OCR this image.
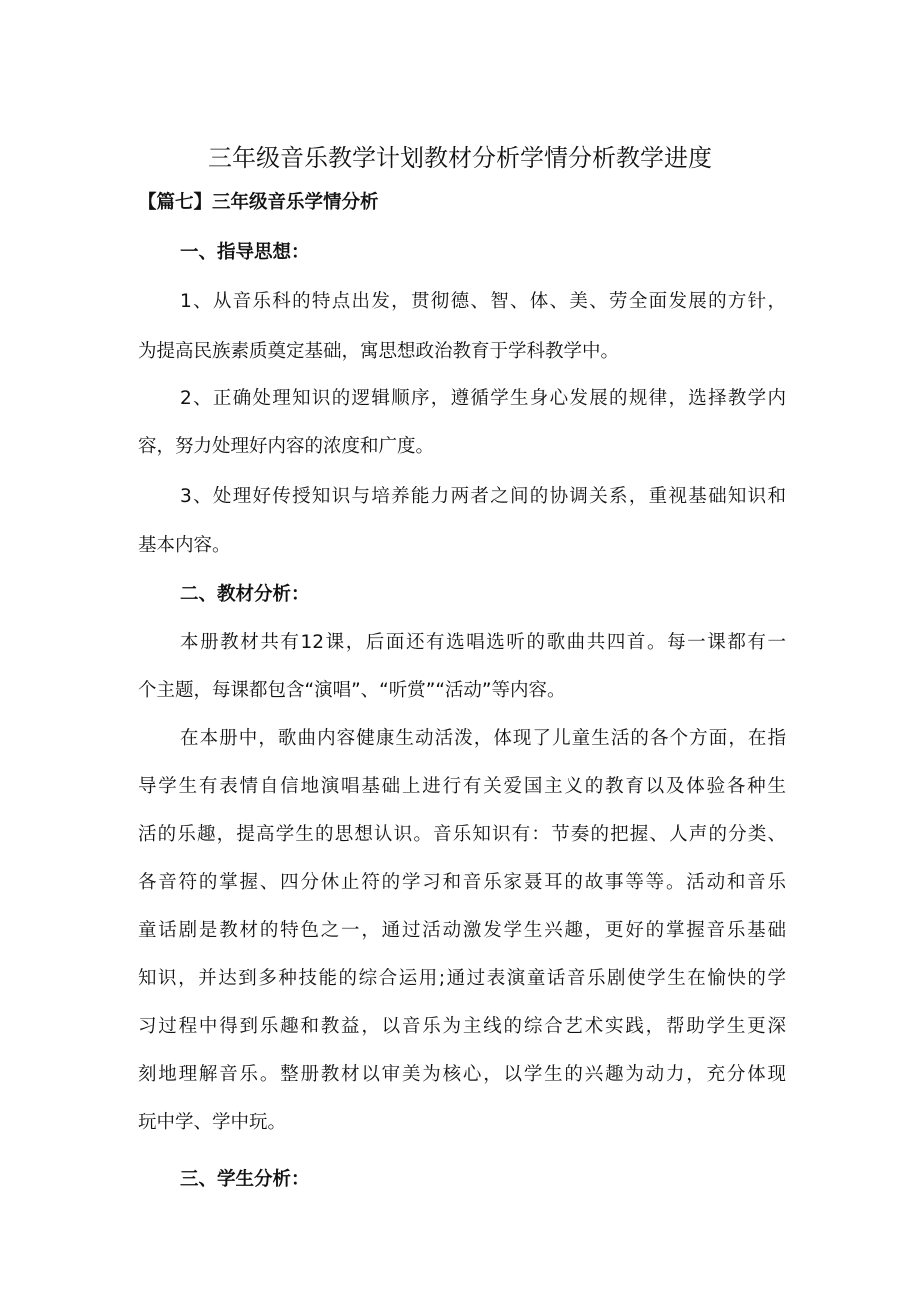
三年级音乐教学计划教材分析学情分析教学进度
【篇七】三年级音乐学情分析
一、指导思想：
1、从音乐科的特点出发，贯彻德、智、体、美、劳全面发展的方针，
为提高民族素质奠定基础，寓思想政治教育于学科教学中。
2、正确处理知识的逻辑顺序，遵循学生身心发展的规律，选择教学内
容，努力处理好内容的浓度和广度。
3、处理好传授知识与培养能力两者之间的协调关系，重视基础知识和
基本内容。
二、教材分析：
本册教材共有12课，后面还有选唱选听的歌曲共四首。每一课都有一
个主题，每课都包含“演唱”、“听赏”“活动”等内容。
在本册中，歌曲内容健康生动活泼，体现了儿童生活的各个方面，在指
导学生有表情自信地演唱基础上进行有关爱国主义的教育以及体验各种生
活的乐趣，提高学生的思想认识。音乐知识有：节奏的把握、人声的分类、
各音符的掌握、四分休止符的学习和音乐家聂耳的故事等等。活动和音乐
童话剧是教材的特色之一，通过活动激发学生兴趣，更好的掌握音乐基础
知识，并达到多种技能的综合运用;通过表演童话音乐剧使学生在愉快的学
习过程中得到乐趣和教益，以音乐为主线的综合艺术实践，帮助学生更深
刻地理解音乐。整册教材以审美为核心，以学生的兴趣为动力，充分体现
玩中学、学中玩。
三、学生分析：
